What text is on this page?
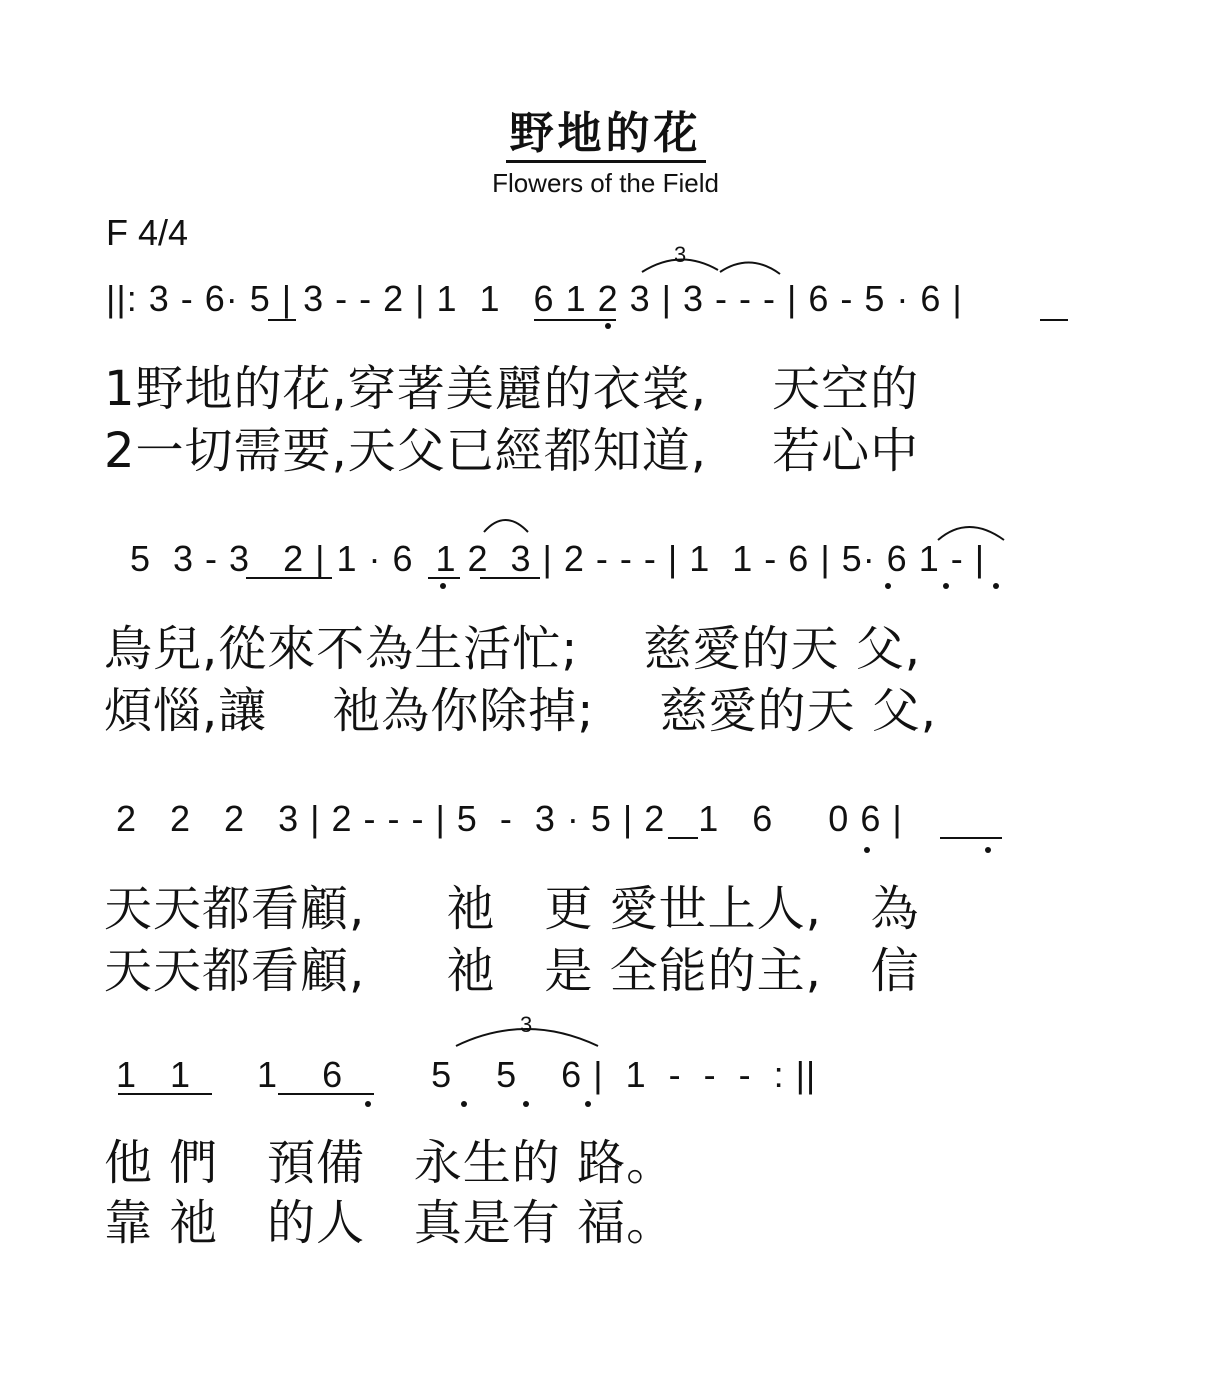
野地的花
Flowers of the Field
F 4/4
||: 3 - 6· 5 | 3 - - 2 | 1  1   6 1 2 3 | 3 - - - | 6 - 5 · 6 |
1野地的花,穿著美麗的衣裳,    天空的
2一切需要,天父已經都知道,    若心中
5  3 - 3   2 | 1 · 6  1 2  3 | 2 - - - | 1  1 - 6 | 5· 6 1 - |
鳥兒,從來不為生活忙;    慈愛的天 父,
煩惱,讓    祂為你除掉;    慈愛的天 父,
2   2   2   3 | 2 - - - | 5  -  3 · 5 | 2   1   6     0 6 |
天天都看顧,     祂   更 愛世上人,   為
天天都看顧,     祂   是 全能的主,   信
1   1      1    6        5    5    6 |  1  -  -  -  : ||
他 們   預備   永生的 路。
靠 祂   的人   真是有 福。
3
3
